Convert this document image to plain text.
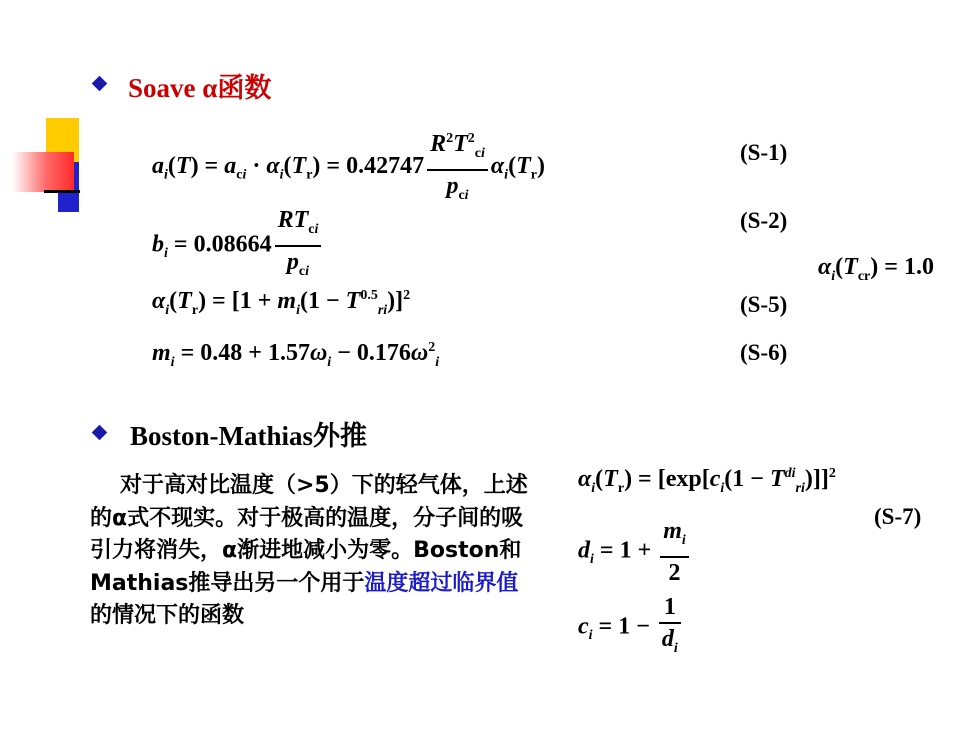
Soave α函数
$a_i(T) = a_{ci} \cdot \alpha_i(T_r) = 0.42747 \frac{R^2T^2_{ci}}{p_{ci}} \alpha_i(T_r)$
(S-1)
$b_i = 0.08664 \frac{RT_{ci}}{p_{ci}}$	(S-2)
$\alpha_i(T_{cr}) = 1.0$
$\alpha_i(T_r) = [1 + m_i(1 - T^{0.5}_{ri})]^2$	(S-5)
$m_i = 0.48 + 1.57\omega_i - 0.176\omega^2_i$	(S-6)
Boston-Mathias外推
对于高对比温度（>5）下的轻气体，上述的α式不现实。对于极高的温度，分子间的吸引力将消失，α渐进地减小为零。Boston和Mathias推导出另一个用于温度超过临界值的情况下的函数
$\alpha_i(T_r) = [\exp[c_i(1 - T^{di}_{ri})]]^2$
(S-7)
$d_i = 1 + \frac{m_i}{2}$
$c_i = 1 - \frac{1}{d_i}$
